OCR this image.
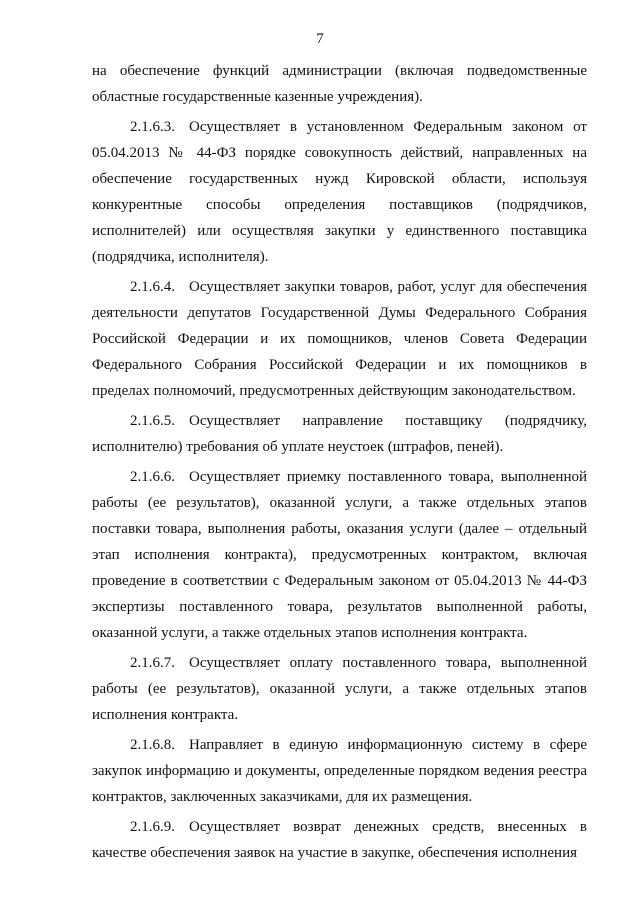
7

на обеспечение функций администрации (включая подведомственные областные государственные казенные учреждения).

2.1.6.3. Осуществляет в установленном Федеральным законом от 05.04.2013 № 44-ФЗ порядке совокупность действий, направленных на обеспечение государственных нужд Кировской области, используя конкурентные способы определения поставщиков (подрядчиков, исполнителей) или осуществляя закупки у единственного поставщика (подрядчика, исполнителя).

2.1.6.4. Осуществляет закупки товаров, работ, услуг для обеспечения деятельности депутатов Государственной Думы Федерального Собрания Российской Федерации и их помощников, членов Совета Федерации Федерального Собрания Российской Федерации и их помощников в пределах полномочий, предусмотренных действующим законодательством.

2.1.6.5. Осуществляет направление поставщику (подрядчику, исполнителю) требования об уплате неустоек (штрафов, пеней).

2.1.6.6. Осуществляет приемку поставленного товара, выполненной работы (ее результатов), оказанной услуги, а также отдельных этапов поставки товара, выполнения работы, оказания услуги (далее – отдельный этап исполнения контракта), предусмотренных контрактом, включая проведение в соответствии с Федеральным законом от 05.04.2013 № 44-ФЗ экспертизы поставленного товара, результатов выполненной работы, оказанной услуги, а также отдельных этапов исполнения контракта.

2.1.6.7. Осуществляет оплату поставленного товара, выполненной работы (ее результатов), оказанной услуги, а также отдельных этапов исполнения контракта.

2.1.6.8. Направляет в единую информационную систему в сфере закупок информацию и документы, определенные порядком ведения реестра контрактов, заключенных заказчиками, для их размещения.

2.1.6.9. Осуществляет возврат денежных средств, внесенных в качестве обеспечения заявок на участие в закупке, обеспечения исполнения
